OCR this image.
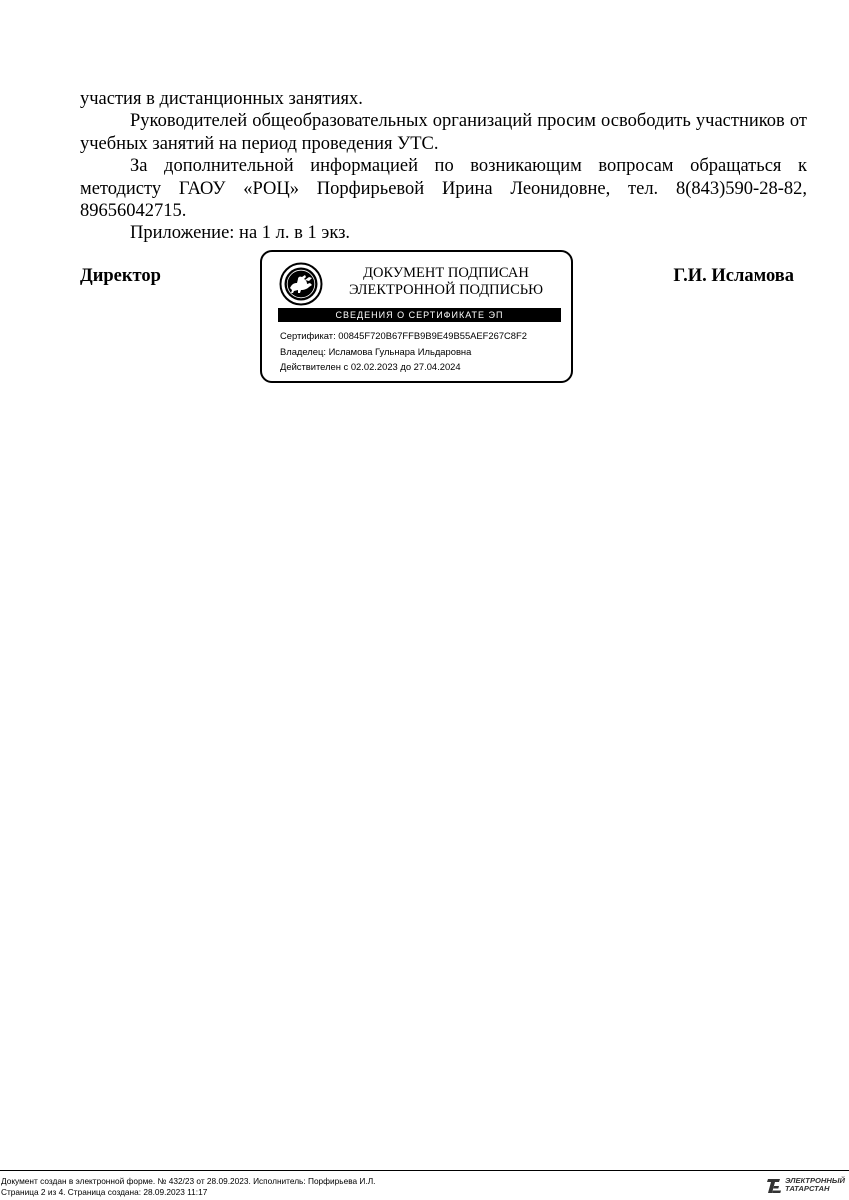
участия в дистанционных занятиях.

Руководителей общеобразовательных организаций просим освободить участников от учебных занятий на период проведения УТС.

За дополнительной информацией по возникающим вопросам обращаться к методисту ГАОУ «РОЦ» Порфирьевой Ирина Леонидовне, тел. 8(843)590-28-82, 89656042715.

Приложение: на 1 л. в 1 экз.

Директор	Г.И. Исламова
ДОКУМЕНТ ПОДПИСАН
ЭЛЕКТРОННОЙ ПОДПИСЬЮ
СВЕДЕНИЯ О СЕРТИФИКАТЕ ЭП
Сертификат: 00845F720B67FFB9B9E49B55AEF267C8F2
Владелец: Исламова Гульнара Ильдаровна
Действителен с 02.02.2023 до 27.04.2024
Документ создан в электронной форме. № 432/23 от 28.09.2023. Исполнитель: Порфирьева И.Л.
Страница 2 из 4. Страница создана: 28.09.2023 11:17
ЭЛЕКТРОННЫЙ
ТАТАРСТАН
